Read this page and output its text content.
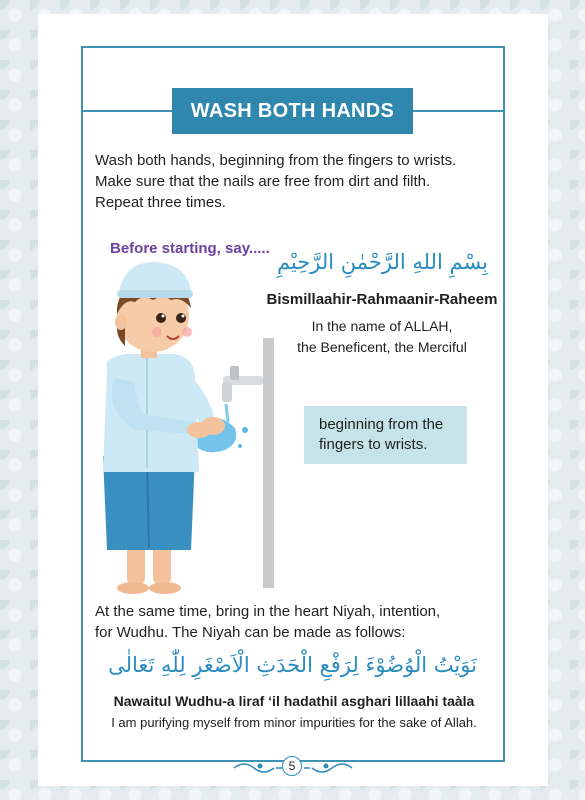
WASH BOTH HANDS
Wash both hands, beginning from the fingers to wrists.
Make sure that the nails are free from dirt and filth.
Repeat three times.
Before starting, say.....
بِسْمِ اللهِ الرَّحْمٰنِ الرَّحِيْمِ
Bismillaahir-Rahmaanir-Raheem
In the name of ALLAH,
the Beneficent, the Merciful
beginning from the
fingers to wrists.
At the same time, bring in the heart Niyah, intention,
for Wudhu. The Niyah can be made as follows:
نَوَيْتُ الْوُضُوْءَ لِرَفْعِ الْحَدَثِ الْاَصْغَرِ لِلّٰهِ تَعَالٰى
Nawaitul Wudhu-a liraf ‘il hadathil asghari lillaahi taàla
I am purifying myself from minor impurities for the sake of Allah.
5
